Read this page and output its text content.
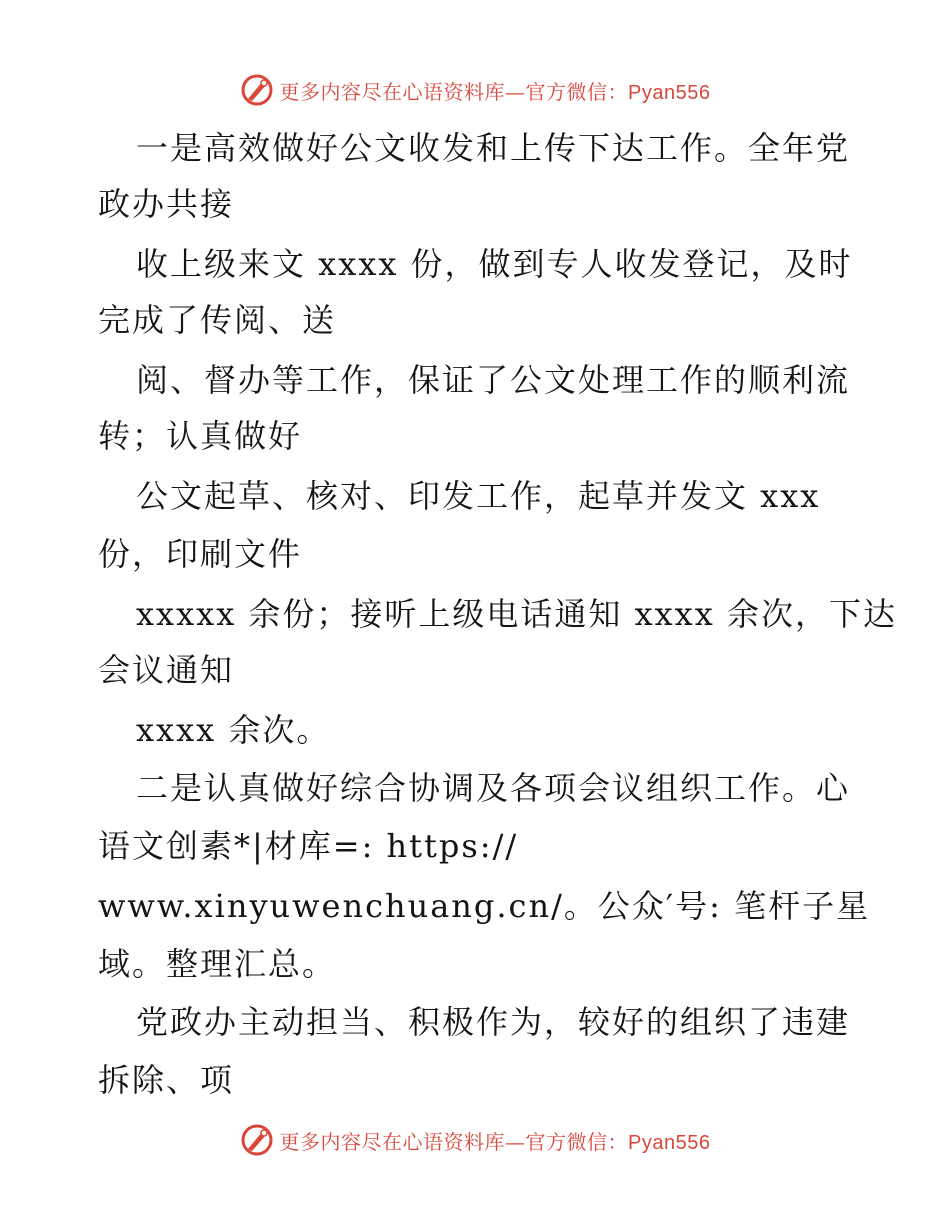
更多内容尽在心语资料库—官方微信：Pyan556
一是高效做好公文收发和上传下达工作。全年党
政办共接
收上级来文 xxxx 份，做到专人收发登记，及时
完成了传阅、送
阅、督办等工作，保证了公文处理工作的顺利流
转；认真做好
公文起草、核对、印发工作，起草并发文 xxx
份，印刷文件
xxxxx 余份；接听上级电话通知 xxxx 余次，下达
会议通知
xxxx 余次。
二是认真做好综合协调及各项会议组织工作。心
语文创素*|材库=: https://
www.xinyuwenchuang.cn/。公众′号: 笔杆子星
域。整理汇总。
党政办主动担当、积极作为，较好的组织了违建
拆除、项
更多内容尽在心语资料库—官方微信：Pyan556
